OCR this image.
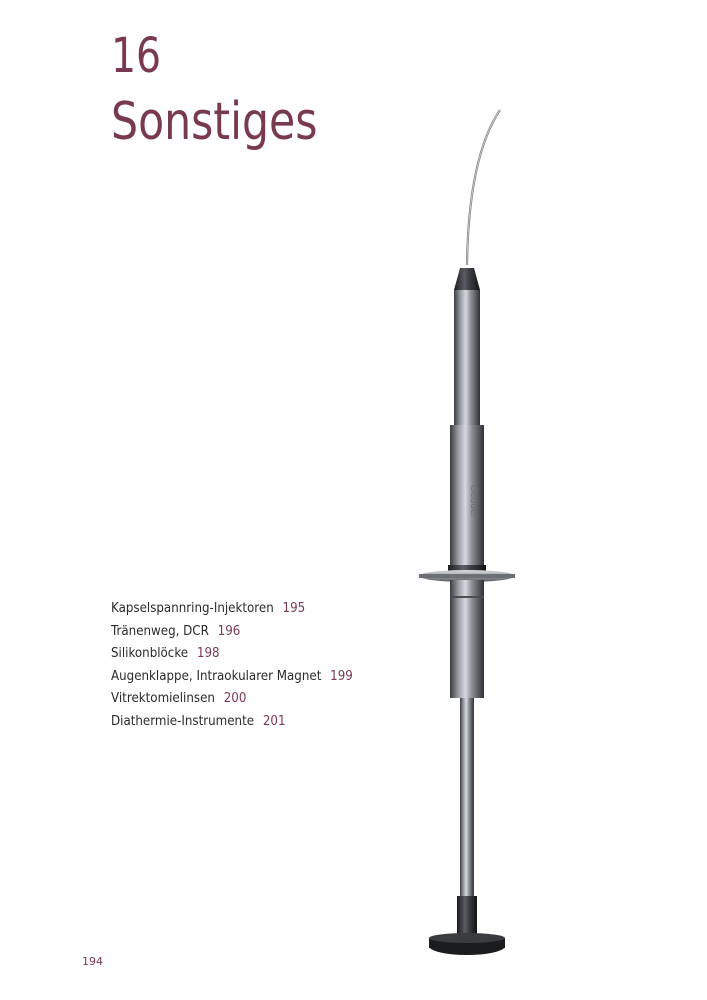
16
Sonstiges
Kapselspannring-Injektoren 195
Tränenweg, DCR 196
Silikonblöcke 198
Augenklappe, Intraokularer Magnet 199
Vitrektomielinsen 200
Diathermie-Instrumente 201
Geuder
194
